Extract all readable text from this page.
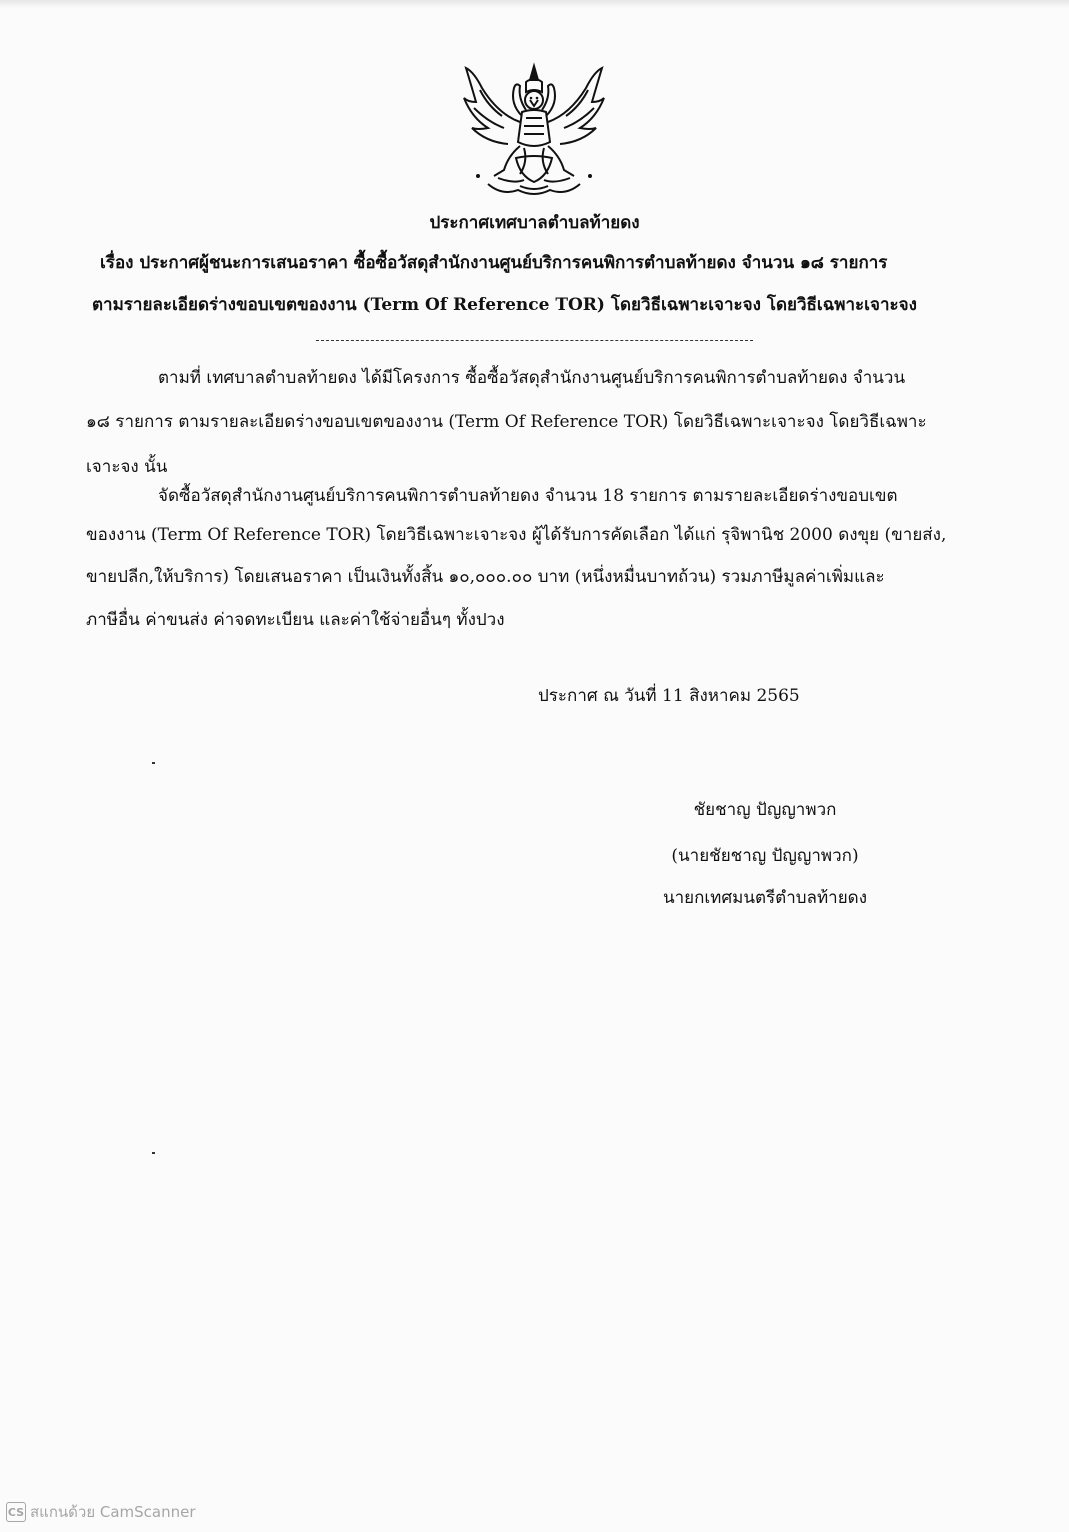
ประกาศเทศบาลตำบลท้ายดง
เรื่อง ประกาศผู้ชนะการเสนอราคา ซื้อซื้อวัสดุสำนักงานศูนย์บริการคนพิการตำบลท้ายดง จำนวน ๑๘ รายการ
ตามรายละเอียดร่างขอบเขตของงาน (Term Of Reference TOR) โดยวิธีเฉพาะเจาะจง โดยวิธีเฉพาะเจาะจง
ตามที่ เทศบาลตำบลท้ายดง ได้มีโครงการ ซื้อซื้อวัสดุสำนักงานศูนย์บริการคนพิการตำบลท้ายดง จำนวน
๑๘ รายการ ตามรายละเอียดร่างขอบเขตของงาน (Term Of Reference TOR) โดยวิธีเฉพาะเจาะจง โดยวิธีเฉพาะ
เจาะจง นั้น
จัดซื้อวัสดุสำนักงานศูนย์บริการคนพิการตำบลท้ายดง จำนวน 18 รายการ ตามรายละเอียดร่างขอบเขต
ของงาน (Term Of Reference TOR) โดยวิธีเฉพาะเจาะจง ผู้ได้รับการคัดเลือก ได้แก่ รุจิพานิช 2000 ดงขุย (ขายส่ง,
ขายปลีก,ให้บริการ) โดยเสนอราคา เป็นเงินทั้งสิ้น ๑๐,๐๐๐.๐๐ บาท (หนึ่งหมื่นบาทถ้วน) รวมภาษีมูลค่าเพิ่มและ
ภาษีอื่น ค่าขนส่ง ค่าจดทะเบียน และค่าใช้จ่ายอื่นๆ ทั้งปวง
ประกาศ ณ วันที่ 11 สิงหาคม 2565
ชัยชาญ ปัญญาพวก
(นายชัยชาญ ปัญญาพวก)
นายกเทศมนตรีตำบลท้ายดง
CS สแกนด้วย CamScanner
